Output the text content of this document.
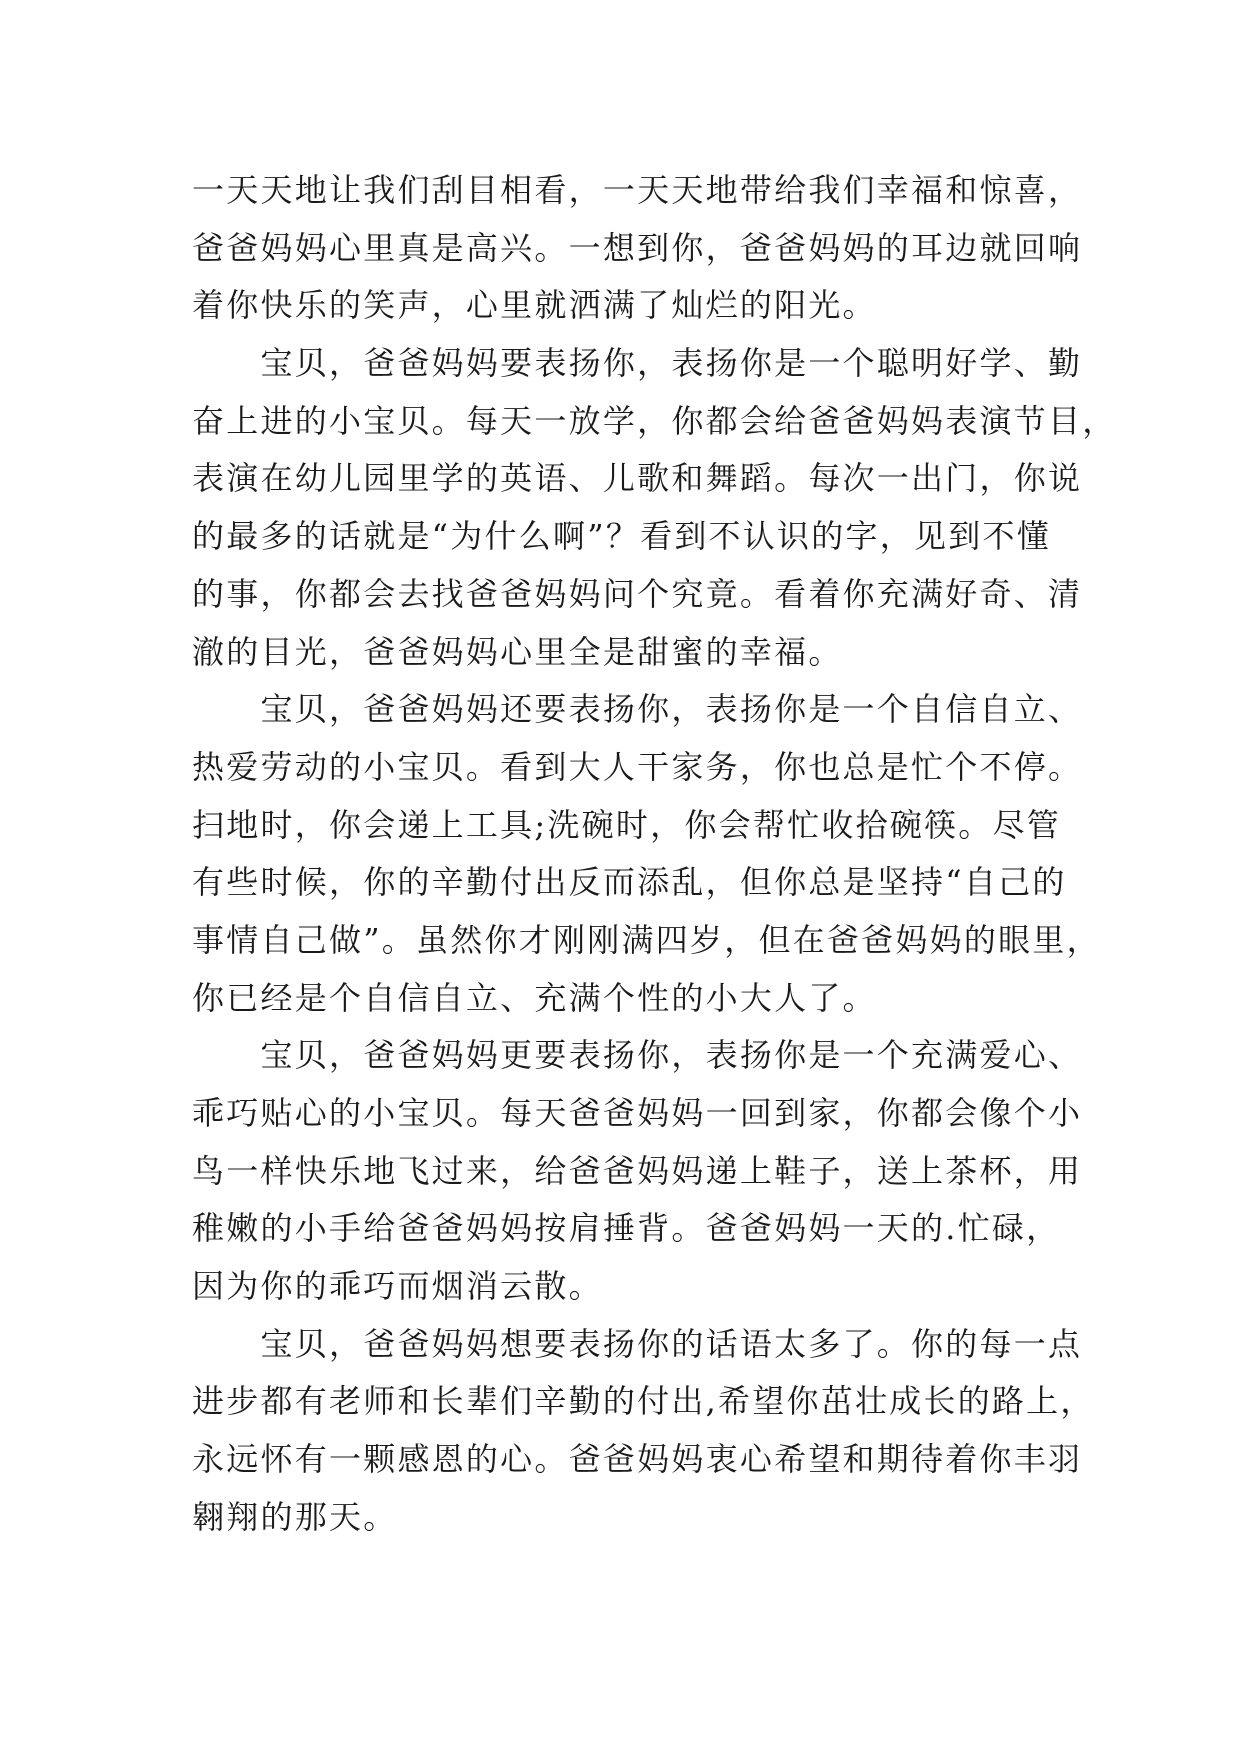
一天天地让我们刮目相看，一天天地带给我们幸福和惊喜，
爸爸妈妈心里真是高兴。一想到你，爸爸妈妈的耳边就回响
着你快乐的笑声，心里就洒满了灿烂的阳光。
　　宝贝，爸爸妈妈要表扬你，表扬你是一个聪明好学、勤
奋上进的小宝贝。每天一放学，你都会给爸爸妈妈表演节目，
表演在幼儿园里学的英语、儿歌和舞蹈。每次一出门，你说
的最多的话就是“为什么啊”？看到不认识的字，见到不懂
的事，你都会去找爸爸妈妈问个究竟。看着你充满好奇、清
澈的目光，爸爸妈妈心里全是甜蜜的幸福。
　　宝贝，爸爸妈妈还要表扬你，表扬你是一个自信自立、
热爱劳动的小宝贝。看到大人干家务，你也总是忙个不停。
扫地时，你会递上工具;洗碗时，你会帮忙收拾碗筷。尽管
有些时候，你的辛勤付出反而添乱，但你总是坚持“自己的
事情自己做”。虽然你才刚刚满四岁，但在爸爸妈妈的眼里，
你已经是个自信自立、充满个性的小大人了。
　　宝贝，爸爸妈妈更要表扬你，表扬你是一个充满爱心、
乖巧贴心的小宝贝。每天爸爸妈妈一回到家，你都会像个小
鸟一样快乐地飞过来，给爸爸妈妈递上鞋子，送上茶杯，用
稚嫩的小手给爸爸妈妈按肩捶背。爸爸妈妈一天的.忙碌，
因为你的乖巧而烟消云散。
　　宝贝，爸爸妈妈想要表扬你的话语太多了。你的每一点
进步都有老师和长辈们辛勤的付出,希望你茁壮成长的路上，
永远怀有一颗感恩的心。爸爸妈妈衷心希望和期待着你丰羽
翱翔的那天。
